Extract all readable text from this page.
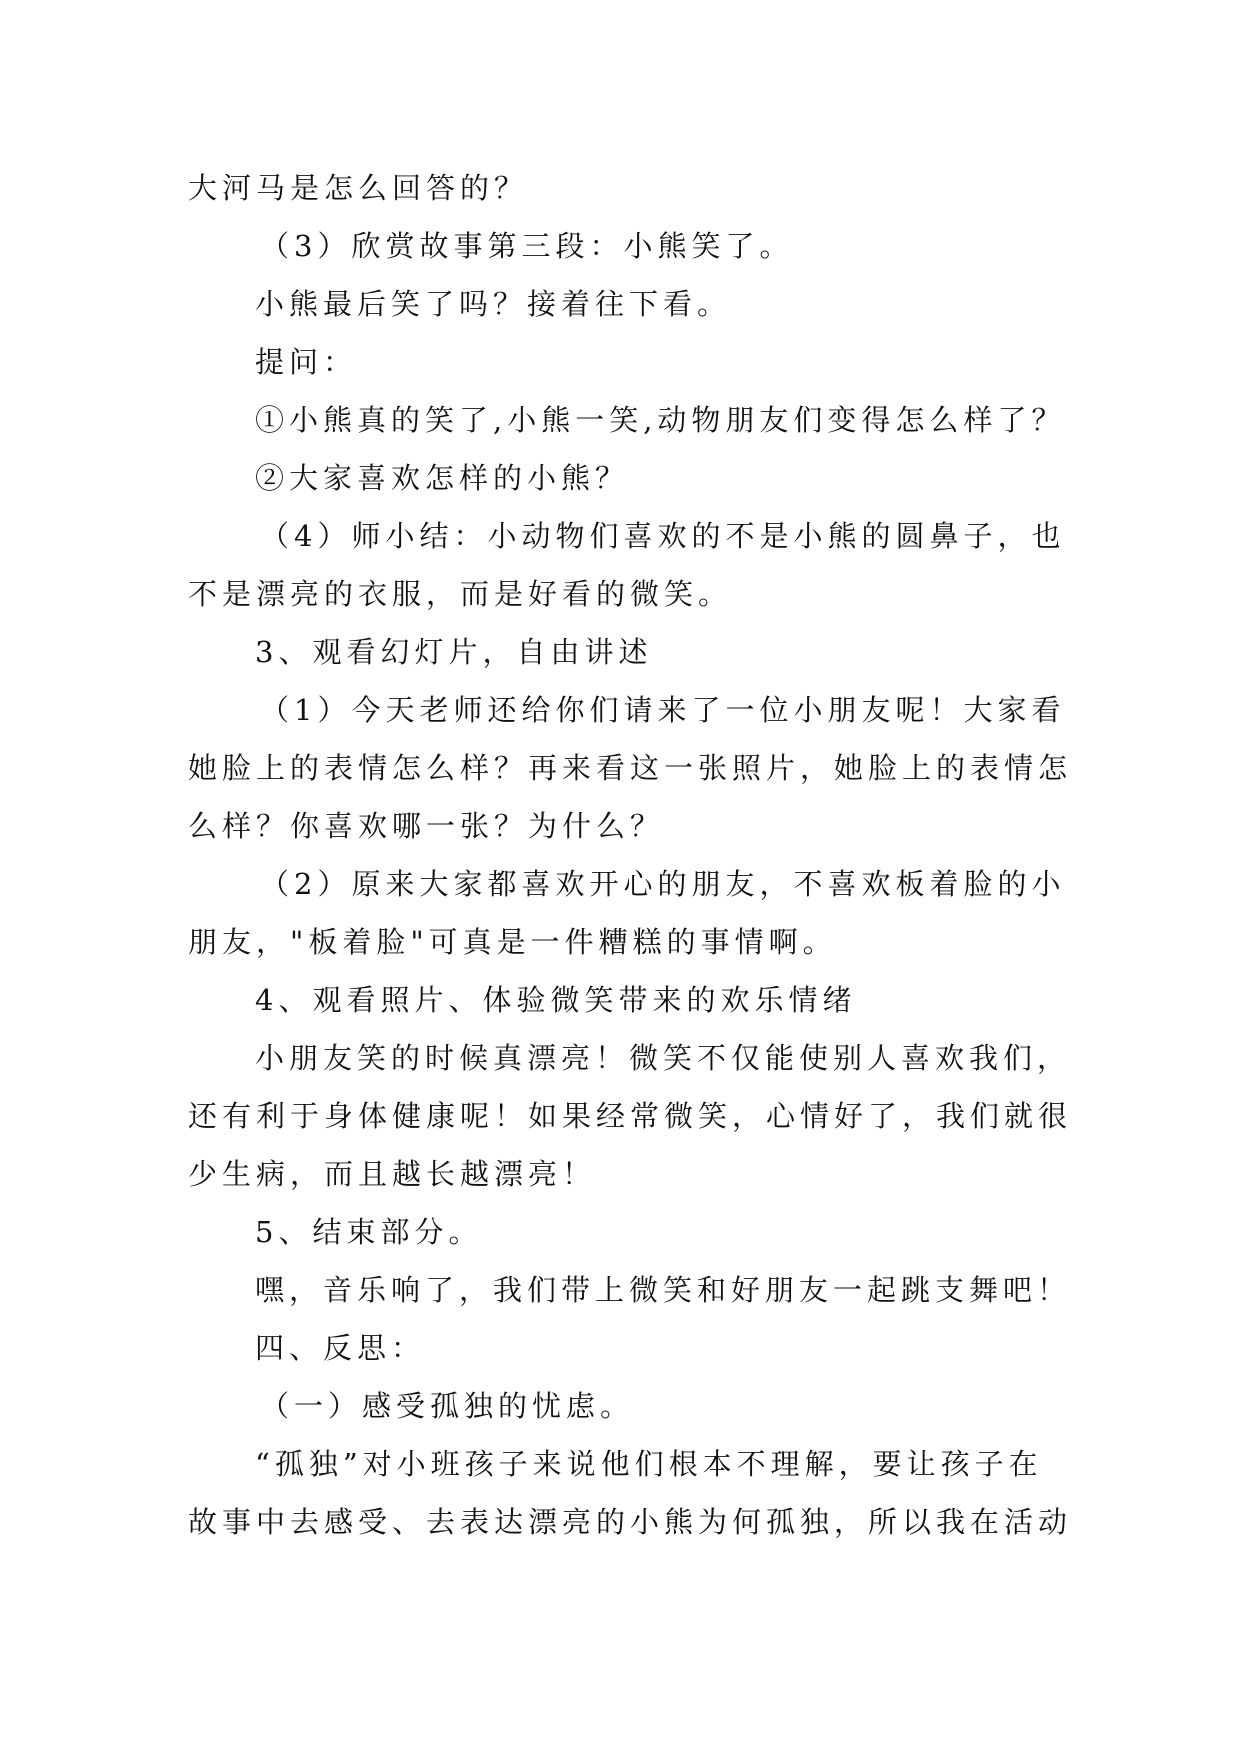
大河马是怎么回答的？
（3）欣赏故事第三段：小熊笑了。
小熊最后笑了吗？接着往下看。
提问：
①小熊真的笑了,小熊一笑,动物朋友们变得怎么样了？
②大家喜欢怎样的小熊？
（4）师小结：小动物们喜欢的不是小熊的圆鼻子，也
不是漂亮的衣服，而是好看的微笑。
3、观看幻灯片，自由讲述
（1）今天老师还给你们请来了一位小朋友呢！大家看
她脸上的表情怎么样？再来看这一张照片，她脸上的表情怎
么样？你喜欢哪一张？为什么？
（2）原来大家都喜欢开心的朋友，不喜欢板着脸的小
朋友，"板着脸"可真是一件糟糕的事情啊。
4、观看照片、体验微笑带来的欢乐情绪
小朋友笑的时候真漂亮！微笑不仅能使别人喜欢我们，
还有利于身体健康呢！如果经常微笑，心情好了，我们就很
少生病，而且越长越漂亮！
5、结束部分。
嘿，音乐响了，我们带上微笑和好朋友一起跳支舞吧！
四、反思：
（一）感受孤独的忧虑。
“孤独”对小班孩子来说他们根本不理解，要让孩子在
故事中去感受、去表达漂亮的小熊为何孤独，所以我在活动
